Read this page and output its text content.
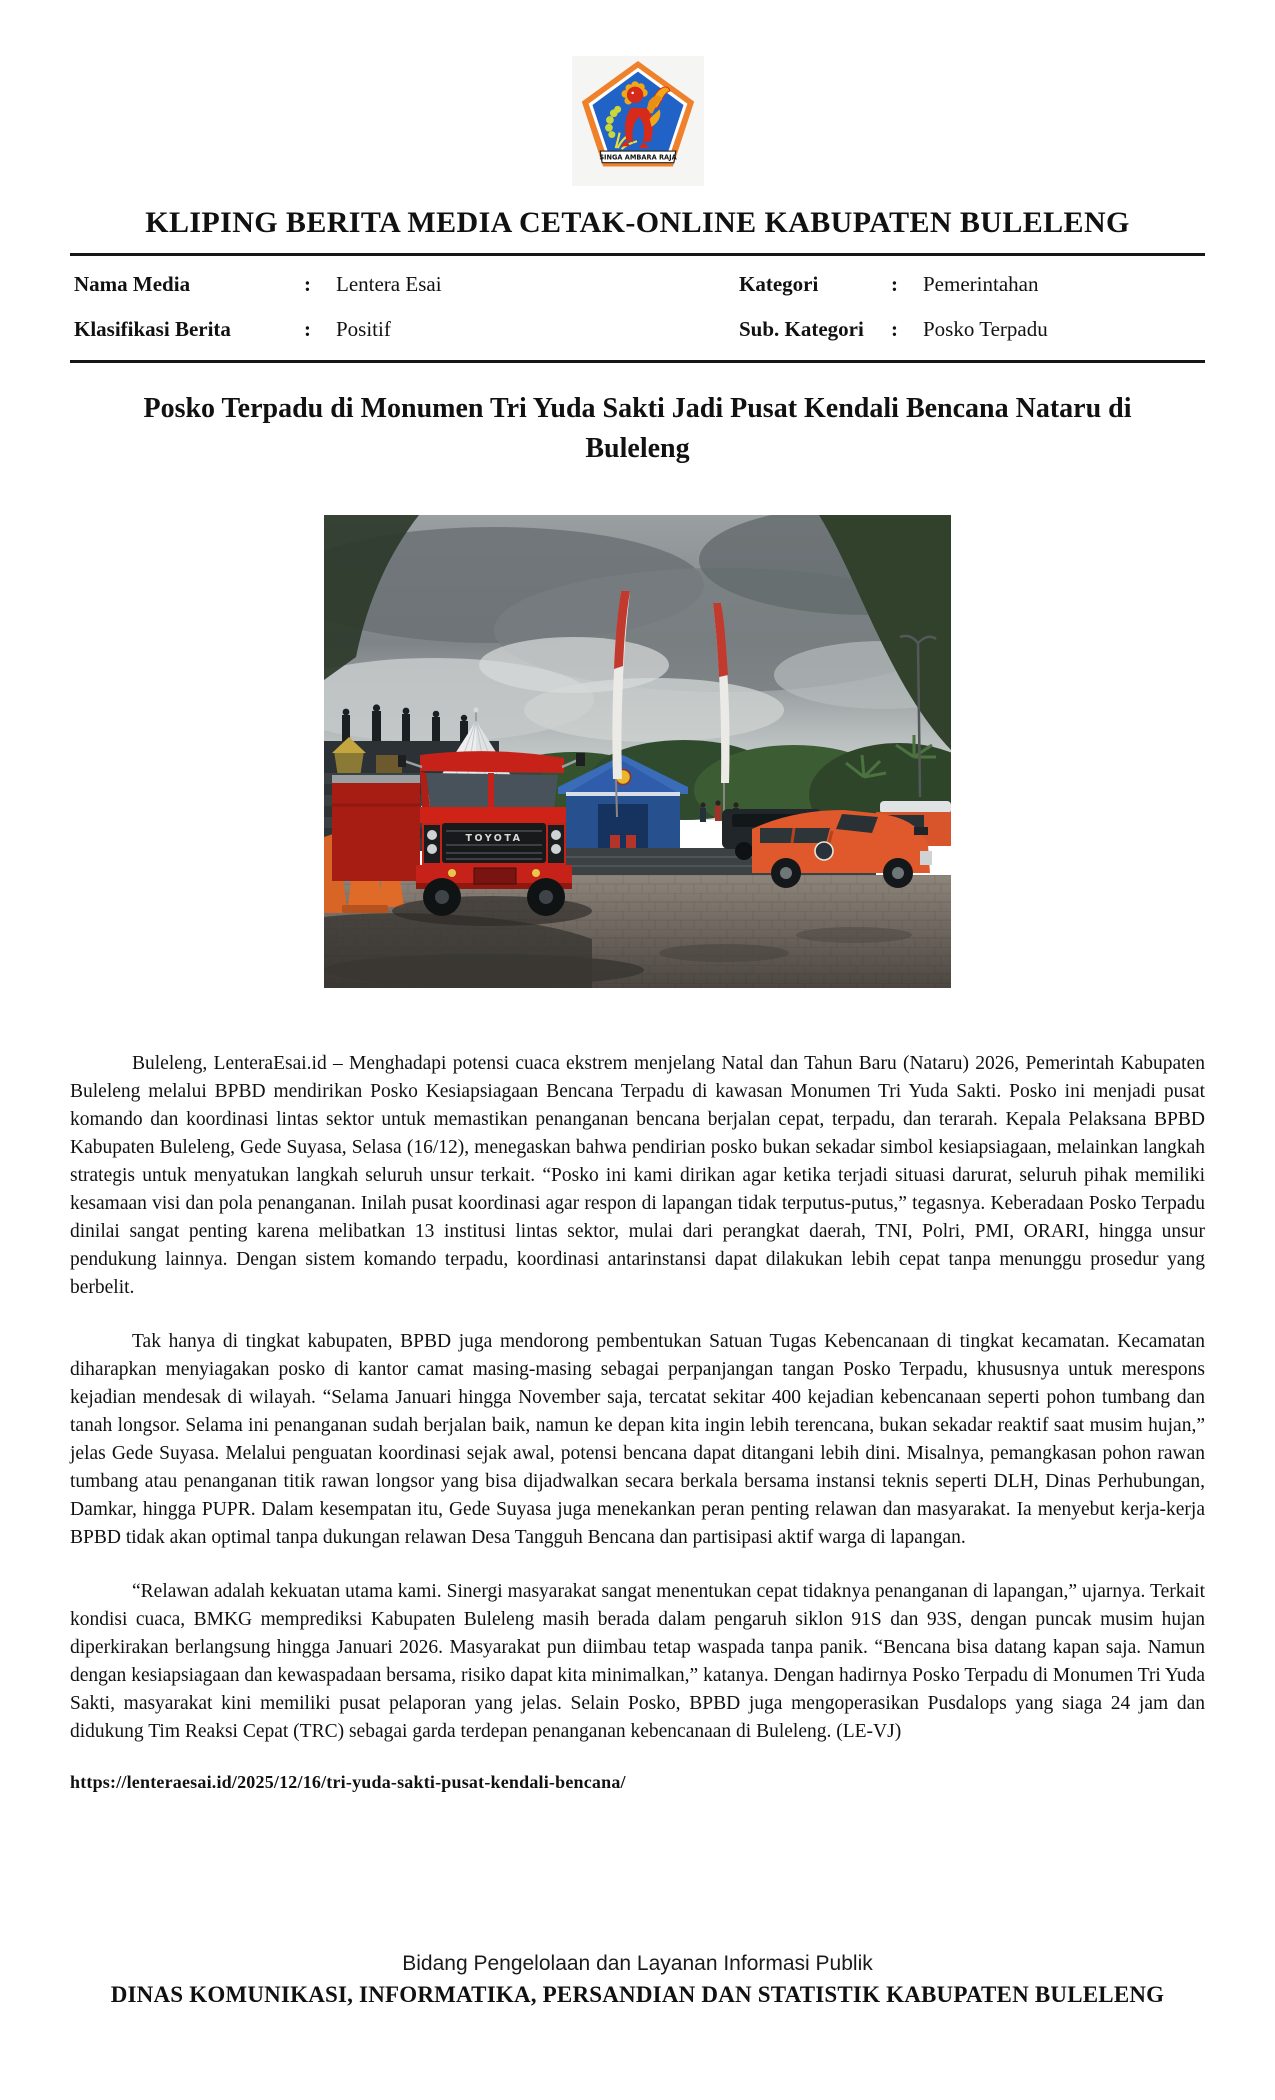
SINGA AMBARA RAJA
KLIPING BERITA MEDIA CETAK-ONLINE KABUPATEN BULELENG
Nama Media	:	Lentera Esai	Kategori	:	Pemerintahan
Klasifikasi Berita	:	Positif	Sub. Kategori	:	Posko Terpadu
Posko Terpadu di Monumen Tri Yuda Sakti Jadi Pusat Kendali Bencana Nataru di Buleleng
TOYOTA

Buleleng, LenteraEsai.id – Menghadapi potensi cuaca ekstrem menjelang Natal dan Tahun Baru (Nataru) 2026, Pemerintah Kabupaten Buleleng melalui BPBD mendirikan Posko Kesiapsiagaan Bencana Terpadu di kawasan Monumen Tri Yuda Sakti. Posko ini menjadi pusat komando dan koordinasi lintas sektor untuk memastikan penanganan bencana berjalan cepat, terpadu, dan terarah. Kepala Pelaksana BPBD Kabupaten Buleleng, Gede Suyasa, Selasa (16/12), menegaskan bahwa pendirian posko bukan sekadar simbol kesiapsiagaan, melainkan langkah strategis untuk menyatukan langkah seluruh unsur terkait. “Posko ini kami dirikan agar ketika terjadi situasi darurat, seluruh pihak memiliki kesamaan visi dan pola penanganan. Inilah pusat koordinasi agar respon di lapangan tidak terputus-putus,” tegasnya. Keberadaan Posko Terpadu dinilai sangat penting karena melibatkan 13 institusi lintas sektor, mulai dari perangkat daerah, TNI, Polri, PMI, ORARI, hingga unsur pendukung lainnya. Dengan sistem komando terpadu, koordinasi antarinstansi dapat dilakukan lebih cepat tanpa menunggu prosedur yang berbelit.

Tak hanya di tingkat kabupaten, BPBD juga mendorong pembentukan Satuan Tugas Kebencanaan di tingkat kecamatan. Kecamatan diharapkan menyiagakan posko di kantor camat masing-masing sebagai perpanjangan tangan Posko Terpadu, khususnya untuk merespons kejadian mendesak di wilayah. “Selama Januari hingga November saja, tercatat sekitar 400 kejadian kebencanaan seperti pohon tumbang dan tanah longsor. Selama ini penanganan sudah berjalan baik, namun ke depan kita ingin lebih terencana, bukan sekadar reaktif saat musim hujan,” jelas Gede Suyasa. Melalui penguatan koordinasi sejak awal, potensi bencana dapat ditangani lebih dini. Misalnya, pemangkasan pohon rawan tumbang atau penanganan titik rawan longsor yang bisa dijadwalkan secara berkala bersama instansi teknis seperti DLH, Dinas Perhubungan, Damkar, hingga PUPR. Dalam kesempatan itu, Gede Suyasa juga menekankan peran penting relawan dan masyarakat. Ia menyebut kerja-kerja BPBD tidak akan optimal tanpa dukungan relawan Desa Tangguh Bencana dan partisipasi aktif warga di lapangan.

“Relawan adalah kekuatan utama kami. Sinergi masyarakat sangat menentukan cepat tidaknya penanganan di lapangan,” ujarnya. Terkait kondisi cuaca, BMKG memprediksi Kabupaten Buleleng masih berada dalam pengaruh siklon 91S dan 93S, dengan puncak musim hujan diperkirakan berlangsung hingga Januari 2026. Masyarakat pun diimbau tetap waspada tanpa panik. “Bencana bisa datang kapan saja. Namun dengan kesiapsiagaan dan kewaspadaan bersama, risiko dapat kita minimalkan,” katanya. Dengan hadirnya Posko Terpadu di Monumen Tri Yuda Sakti, masyarakat kini memiliki pusat pelaporan yang jelas. Selain Posko, BPBD juga mengoperasikan Pusdalops yang siaga 24 jam dan didukung Tim Reaksi Cepat (TRC) sebagai garda terdepan penanganan kebencanaan di Buleleng. (LE-VJ)

https://lenteraesai.id/2025/12/16/tri-yuda-sakti-pusat-kendali-bencana/
Bidang Pengelolaan dan Layanan Informasi Publik
DINAS KOMUNIKASI, INFORMATIKA, PERSANDIAN DAN STATISTIK KABUPATEN BULELENG
